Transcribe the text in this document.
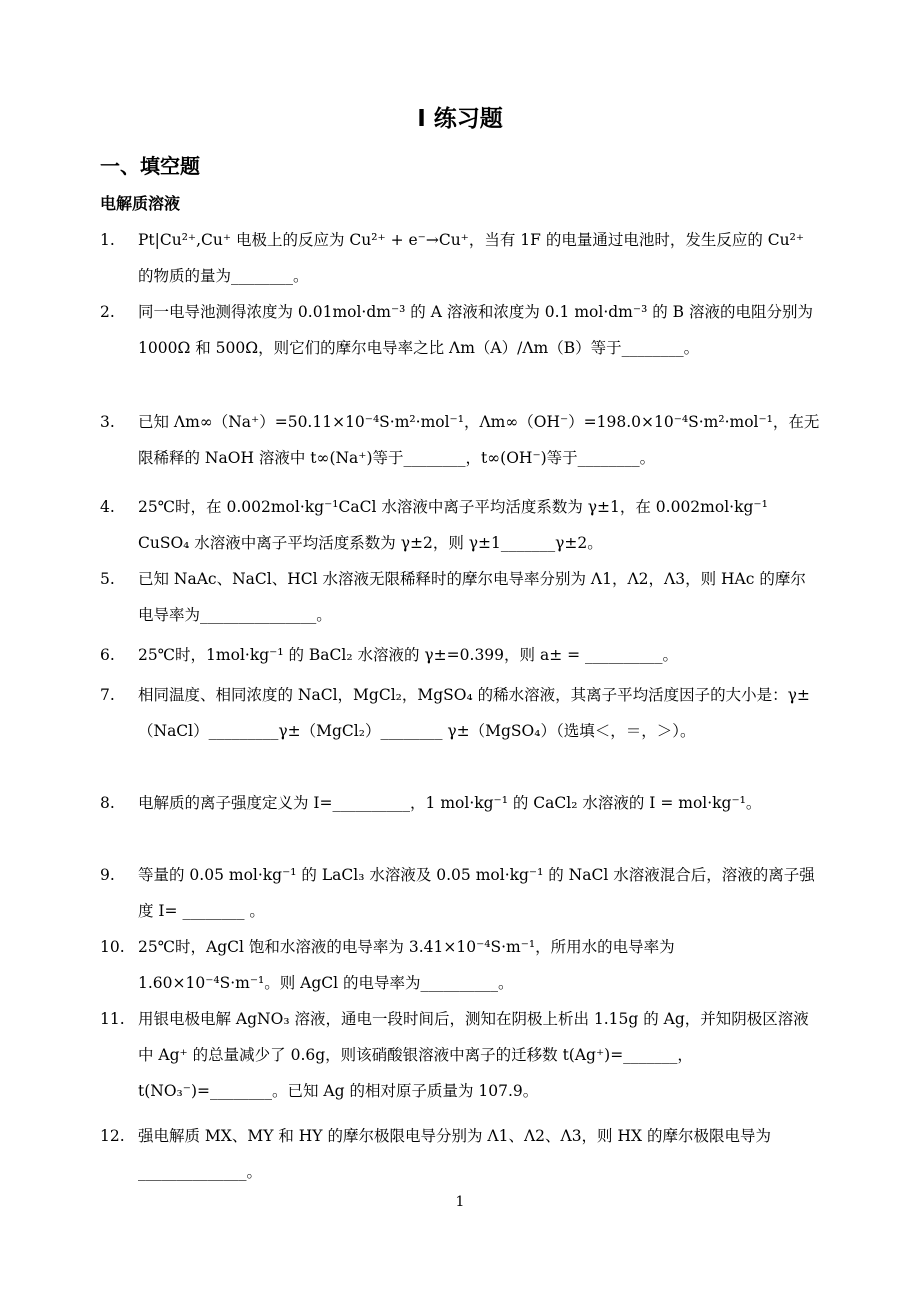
I 练习题
一、填空题
电解质溶液
1.	Pt|Cu²⁺,Cu⁺ 电极上的反应为 Cu²⁺ + e⁻→Cu⁺，当有 1F 的电量通过电池时，发生反应的 Cu²⁺ 的物质的量为________。
2.	同一电导池测得浓度为 0.01mol·dm⁻³ 的 A 溶液和浓度为 0.1 mol·dm⁻³ 的 B 溶液的电阻分别为 1000Ω 和 500Ω，则它们的摩尔电导率之比 Λm（A）/Λm（B）等于________。
3.	已知 Λm∞（Na⁺）=50.11×10⁻⁴S·m²·mol⁻¹，Λm∞（OH⁻）=198.0×10⁻⁴S·m²·mol⁻¹，在无限稀释的 NaOH 溶液中 t∞(Na⁺)等于________，t∞(OH⁻)等于________。
4.	25℃时，在 0.002mol·kg⁻¹CaCl 水溶液中离子平均活度系数为 γ±1，在 0.002mol·kg⁻¹ CuSO₄ 水溶液中离子平均活度系数为 γ±2，则 γ±1_______γ±2。
5.	已知 NaAc、NaCl、HCl 水溶液无限稀释时的摩尔电导率分别为 Λ1，Λ2，Λ3，则 HAc 的摩尔电导率为_______________。
6.	25℃时，1mol·kg⁻¹ 的 BaCl₂ 水溶液的 γ±=0.399，则 a± = __________。
7.	相同温度、相同浓度的 NaCl，MgCl₂，MgSO₄ 的稀水溶液，其离子平均活度因子的大小是：γ±（NaCl）_________γ±（MgCl₂）________ γ±（MgSO₄）（选填＜，＝，＞）。
8.	电解质的离子强度定义为 I=__________，1 mol·kg⁻¹ 的 CaCl₂ 水溶液的 I = mol·kg⁻¹。
9.	等量的 0.05 mol·kg⁻¹ 的 LaCl₃ 水溶液及 0.05 mol·kg⁻¹ 的 NaCl 水溶液混合后，溶液的离子强度 I= ________ 。
10. 25℃时，AgCl 饱和水溶液的电导率为 3.41×10⁻⁴S·m⁻¹，所用水的电导率为 1.60×10⁻⁴S·m⁻¹。则 AgCl 的电导率为__________。
11. 用银电极电解 AgNO₃ 溶液，通电一段时间后，测知在阴极上析出 1.15g 的 Ag，并知阴极区溶液中 Ag⁺ 的总量减少了 0.6g，则该硝酸银溶液中离子的迁移数 t(Ag⁺)=_______，t(NO₃⁻)=________。已知 Ag 的相对原子质量为 107.9。
12. 强电解质 MX、MY 和 HY 的摩尔极限电导分别为 Λ1、Λ2、Λ3，则 HX 的摩尔极限电导为______________。
1
